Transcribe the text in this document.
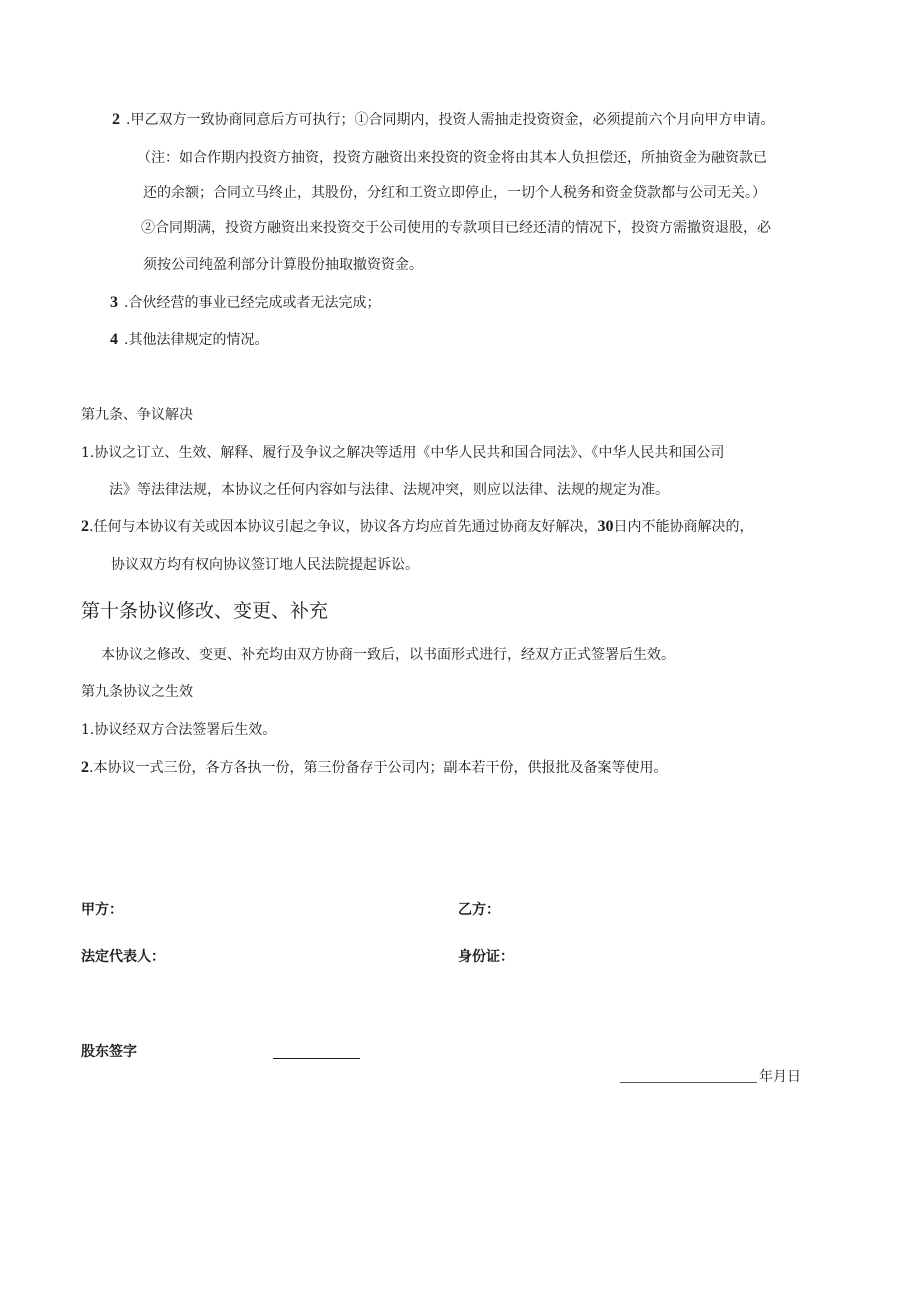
2 .甲乙双方一致协商同意后方可执行；①合同期内，投资人需抽走投资资金，必须提前六个月向甲方申请。
（注：如合作期内投资方抽资，投资方融资出来投资的资金将由其本人负担偿还，所抽资金为融资款已
还的余额；合同立马终止，其股份，分红和工资立即停止，一切个人税务和资金贷款都与公司无关。）
②合同期满，投资方融资出来投资交于公司使用的专款项目已经还清的情况下，投资方需撤资退股，必
须按公司纯盈利部分计算股份抽取撤资资金。
3 .合伙经营的事业已经完成或者无法完成；
4 .其他法律规定的情况。
第九条、争议解决
1.协议之订立、生效、解释、履行及争议之解决等适用《中华人民共和国合同法》、《中华人民共和国公司
法》等法律法规，本协议之任何内容如与法律、法规冲突，则应以法律、法规的规定为准。
2.任何与本协议有关或因本协议引起之争议，协议各方均应首先通过协商友好解决，30日内不能协商解决的，
协议双方均有权向协议签订地人民法院提起诉讼。
第十条协议修改、变更、补充
本协议之修改、变更、补充均由双方协商一致后，以书面形式进行，经双方正式签署后生效。
第九条协议之生效
1.协议经双方合法签署后生效。
2.本协议一式三份，各方各执一份，第三份备存于公司内；副本若干份，供报批及备案等使用。
甲方：	乙方：
法定代表人：	身份证：
股东签字
年月日
